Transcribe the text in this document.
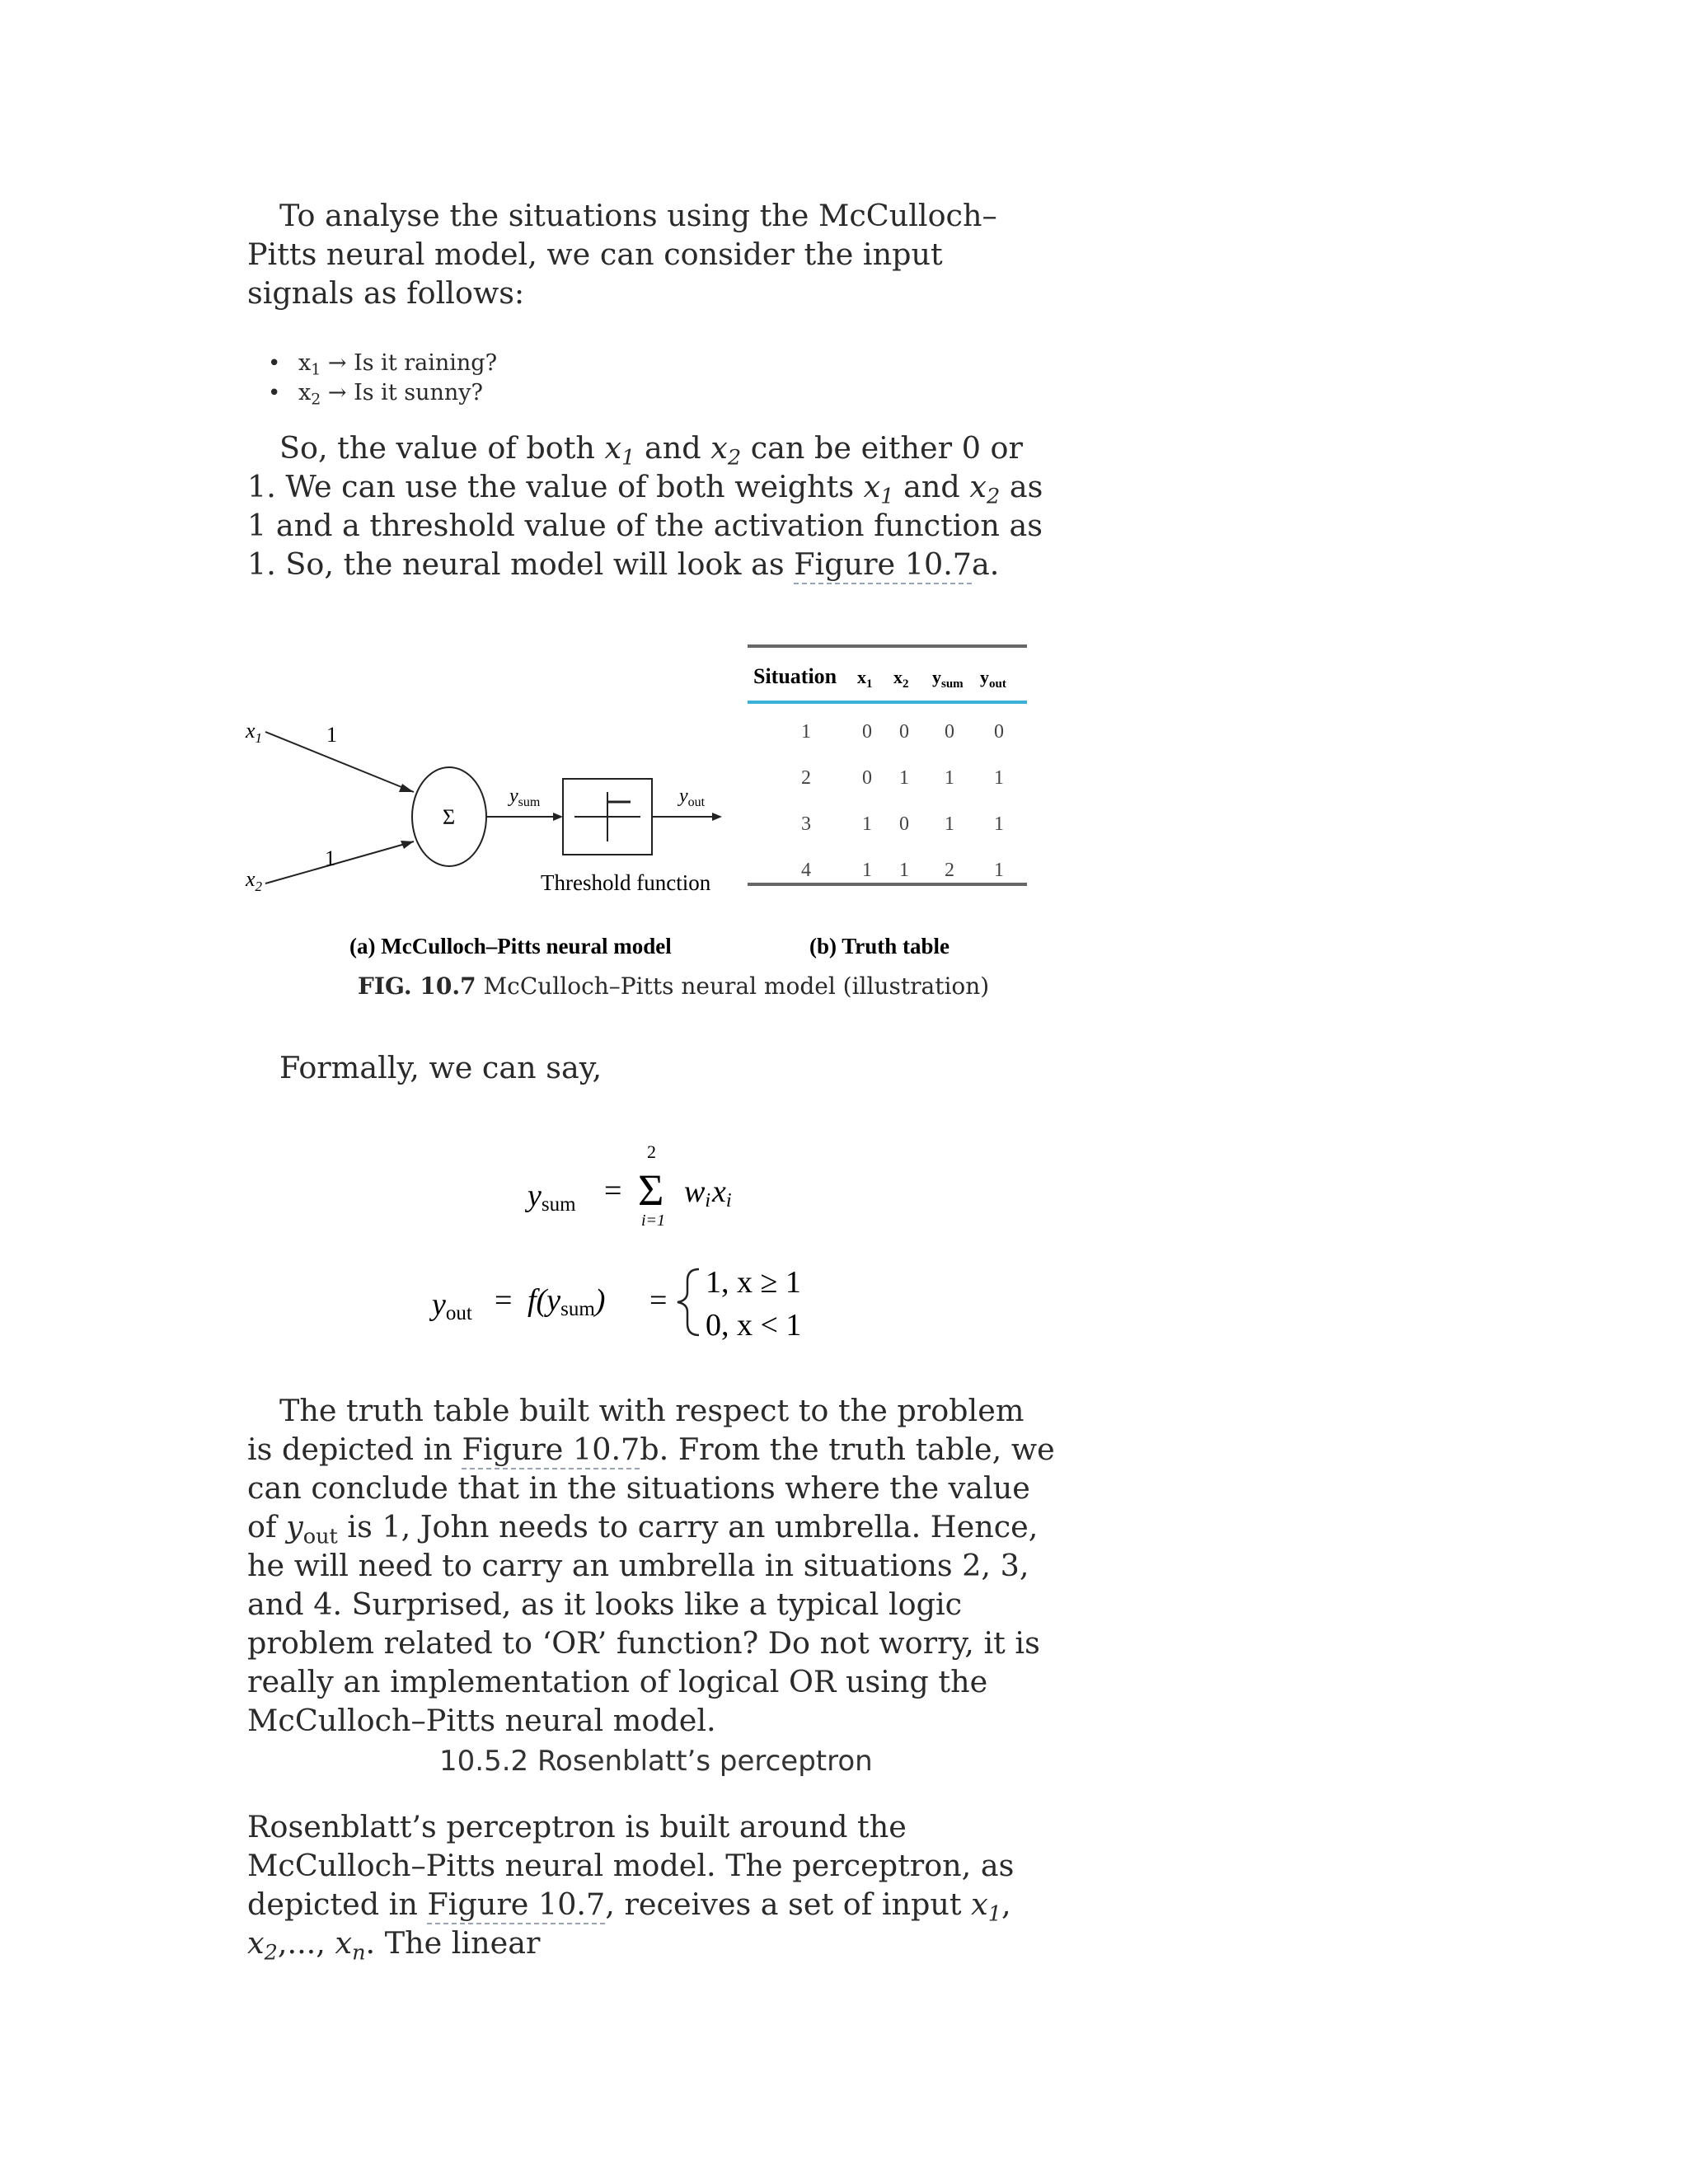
To analyse the situations using the McCulloch–Pitts neural model, we can consider the input signals as follows:

• $x_1 \to Is$ it raining?
• $x_2 \to Is$ it sunny?

So, the value of both $x_1$ and $x_2$ can be either 0 or 1. We can use the value of both weights $x_1$ and $x_2$ as 1 and a threshold value of the activation function as 1. So, the neural model will look as Figure 10.7a.

$x_1$
$x_2$
1
1
Σ
$y_{sum}$	$y_{out}$
Threshold function
(a) McCulloch–Pitts neural model
Situation $x_1$ $x_2$ $y_{sum}$ $y_{out}$
1	0 0 0 0
2	0 1 1 1
3	1 0 1 1
4	1 1 2 1
(b) Truth table
FIG. 10.7 McCulloch–Pitts neural model (illustration)

Formally, we can say,

ysum =
2
Σ
i=1
wixi
yout = f(ysum) =
1, x ≥ 1
0, x < 1

The truth table built with respect to the problem is depicted in Figure 10.7b. From the truth table, we can conclude that in the situations where the value of $y_{out}$ is 1, John needs to carry an umbrella. Hence, he will need to carry an umbrella in situations 2, 3, and 4. Surprised, as it looks like a typical logic problem related to ‘OR’ function? Do not worry, it is really an implementation of logical OR using the McCulloch–Pitts neural model.

10.5.2 Rosenblatt’s perceptron

Rosenblatt’s perceptron is built around the McCulloch–Pitts neural model. The perceptron, as depicted in Figure 10.7, receives a set of input $x_1$, $x_2$,..., $x_n$. The linear
